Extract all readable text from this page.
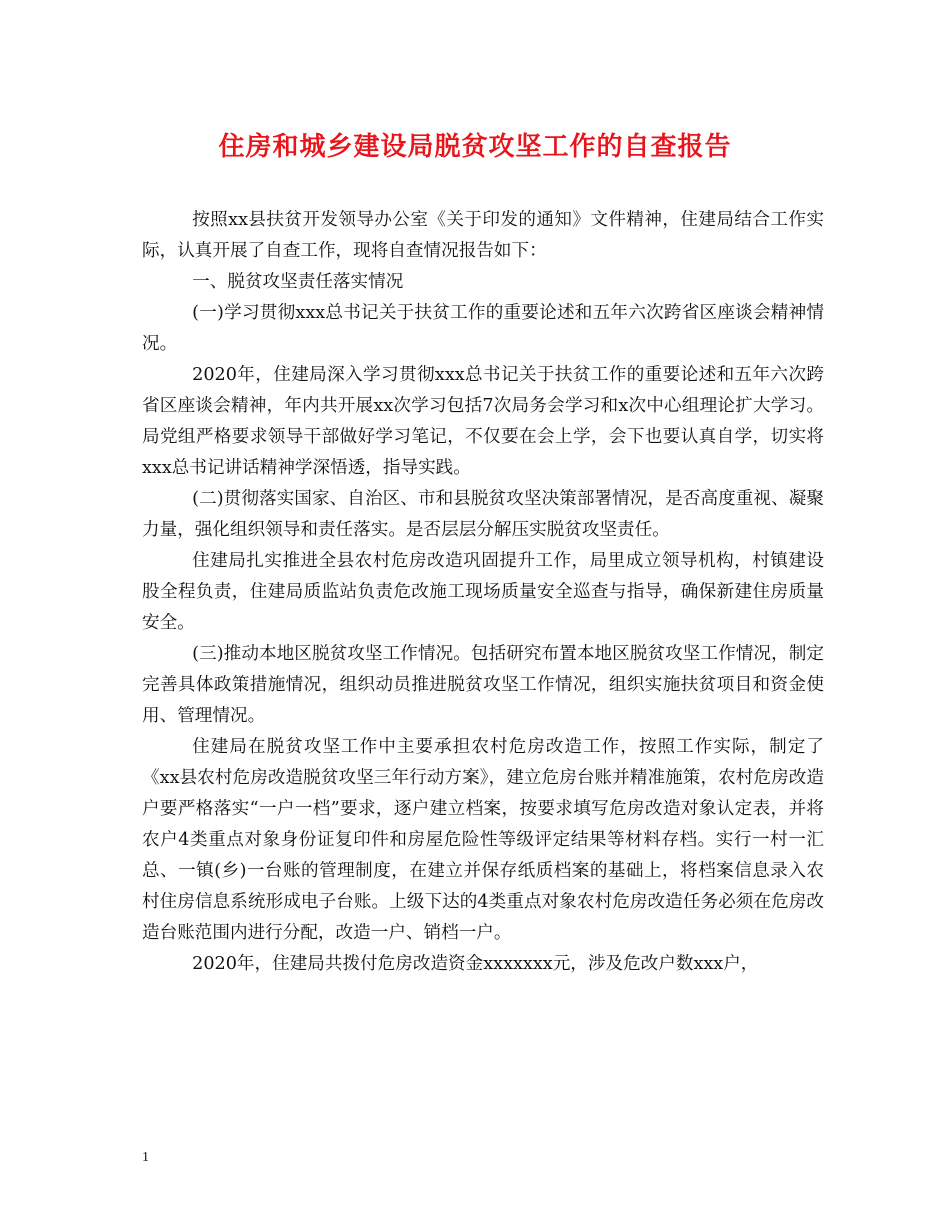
住房和城乡建设局脱贫攻坚工作的自查报告

按照xx县扶贫开发领导办公室《关于印发的通知》文件精神，住建局结合工作实际，认真开展了自查工作，现将自查情况报告如下：

一、脱贫攻坚责任落实情况

(一)学习贯彻xxx总书记关于扶贫工作的重要论述和五年六次跨省区座谈会精神情况。

2020年，住建局深入学习贯彻xxx总书记关于扶贫工作的重要论述和五年六次跨省区座谈会精神，年内共开展xx次学习包括7次局务会学习和x次中心组理论扩大学习。局党组严格要求领导干部做好学习笔记，不仅要在会上学，会下也要认真自学，切实将xxx总书记讲话精神学深悟透，指导实践。

(二)贯彻落实国家、自治区、市和县脱贫攻坚决策部署情况，是否高度重视、凝聚力量，强化组织领导和责任落实。是否层层分解压实脱贫攻坚责任。

住建局扎实推进全县农村危房改造巩固提升工作，局里成立领导机构，村镇建设股全程负责，住建局质监站负责危改施工现场质量安全巡查与指导，确保新建住房质量安全。

(三)推动本地区脱贫攻坚工作情况。包括研究布置本地区脱贫攻坚工作情况，制定完善具体政策措施情况，组织动员推进脱贫攻坚工作情况，组织实施扶贫项目和资金使用、管理情况。

住建局在脱贫攻坚工作中主要承担农村危房改造工作，按照工作实际，制定了《xx县农村危房改造脱贫攻坚三年行动方案》，建立危房台账并精准施策，农村危房改造户要严格落实“一户一档”要求，逐户建立档案，按要求填写危房改造对象认定表，并将农户4类重点对象身份证复印件和房屋危险性等级评定结果等材料存档。实行一村一汇总、一镇(乡)一台账的管理制度，在建立并保存纸质档案的基础上，将档案信息录入农村住房信息系统形成电子台账。上级下达的4类重点对象农村危房改造任务必须在危房改造台账范围内进行分配，改造一户、销档一户。

2020年，住建局共拨付危房改造资金xxxxxxx元，涉及危改户数xxx户，

1
